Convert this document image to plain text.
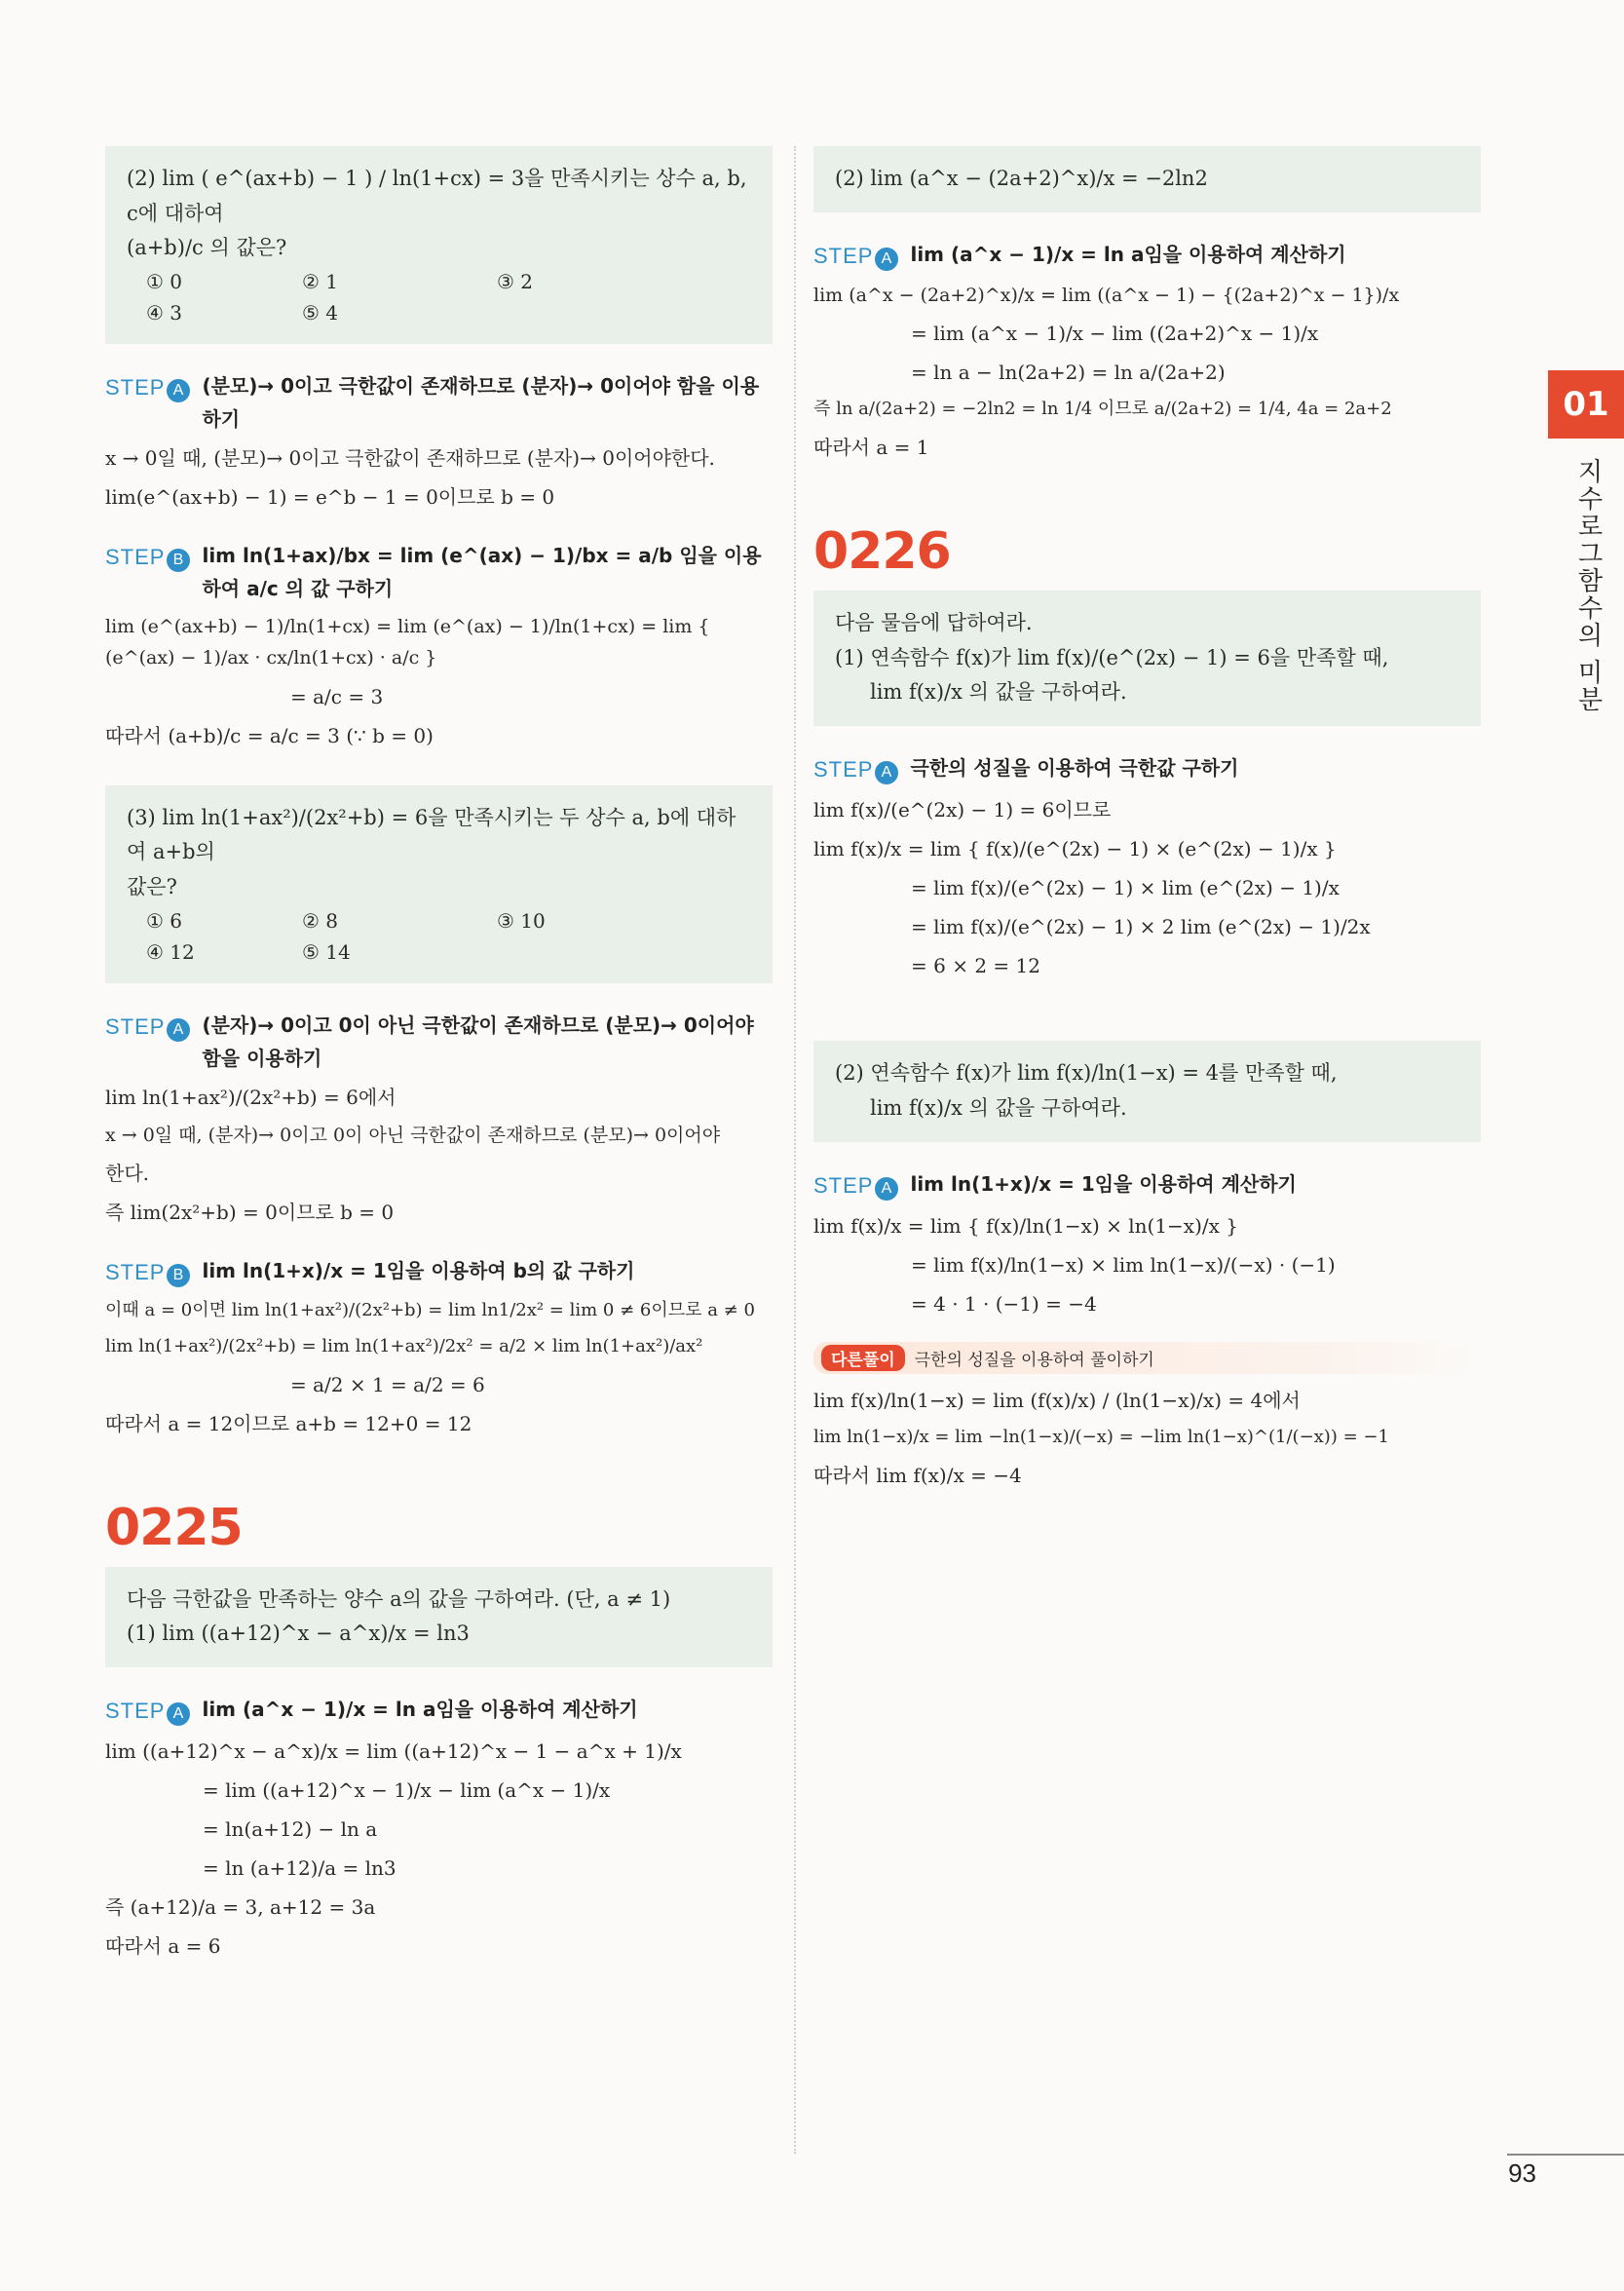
(2) lim ( e^(ax+b) − 1 ) / ln(1+cx) = 3을 만족시키는 상수 a, b, c에 대하여
(a+b)/c 의 값은?
① 0	② 1	③ 2
④ 3	⑤ 4
STEP A (분모)→ 0이고 극한값이 존재하므로 (분자)→ 0이어야 함을 이용하기
x → 0일 때, (분모)→ 0이고 극한값이 존재하므로 (분자)→ 0이어야한다.
lim(e^(ax+b) − 1) = e^b − 1 = 0이므로 b = 0
STEP B lim ln(1+ax)/bx = lim (e^(ax) − 1)/bx = a/b 임을 이용하여 a/c 의 값 구하기
lim (e^(ax+b) − 1)/ln(1+cx) = lim (e^(ax) − 1)/ln(1+cx) = lim { (e^(ax) − 1)/ax · cx/ln(1+cx) · a/c }
= a/c = 3
따라서 (a+b)/c = a/c = 3 (∵ b = 0)
(3) lim ln(1+ax²)/(2x²+b) = 6을 만족시키는 두 상수 a, b에 대하여 a+b의
값은?
① 6	② 8	③ 10
④ 12	⑤ 14
STEP A (분자)→ 0이고 0이 아닌 극한값이 존재하므로 (분모)→ 0이어야 함을 이용하기
lim ln(1+ax²)/(2x²+b) = 6에서
x → 0일 때, (분자)→ 0이고 0이 아닌 극한값이 존재하므로 (분모)→ 0이어야
한다.
즉 lim(2x²+b) = 0이므로 b = 0
STEP B lim ln(1+x)/x = 1임을 이용하여 b의 값 구하기
이때 a = 0이면 lim ln(1+ax²)/(2x²+b) = lim ln1/2x² = lim 0 ≠ 6이므로 a ≠ 0
lim ln(1+ax²)/(2x²+b) = lim ln(1+ax²)/2x² = a/2 × lim ln(1+ax²)/ax²
= a/2 × 1 = a/2 = 6
따라서 a = 12이므로 a+b = 12+0 = 12
0225
다음 극한값을 만족하는 양수 a의 값을 구하여라. (단, a ≠ 1)
(1) lim ((a+12)^x − a^x)/x = ln3
STEP A lim (a^x − 1)/x = ln a임을 이용하여 계산하기
lim ((a+12)^x − a^x)/x = lim ((a+12)^x − 1 − a^x + 1)/x
= lim ((a+12)^x − 1)/x − lim (a^x − 1)/x
= ln(a+12) − ln a
= ln (a+12)/a = ln3
즉 (a+12)/a = 3, a+12 = 3a
따라서 a = 6
(2) lim (a^x − (2a+2)^x)/x = −2ln2
STEP A lim (a^x − 1)/x = ln a임을 이용하여 계산하기
lim (a^x − (2a+2)^x)/x = lim ((a^x − 1) − {(2a+2)^x − 1})/x
= lim (a^x − 1)/x − lim ((2a+2)^x − 1)/x
= ln a − ln(2a+2) = ln a/(2a+2)
즉 ln a/(2a+2) = −2ln2 = ln 1/4 이므로 a/(2a+2) = 1/4, 4a = 2a+2
따라서 a = 1
0226
다음 물음에 답하여라.
(1) 연속함수 f(x)가 lim f(x)/(e^(2x) − 1) = 6을 만족할 때,
lim f(x)/x 의 값을 구하여라.
STEP A 극한의 성질을 이용하여 극한값 구하기
lim f(x)/(e^(2x) − 1) = 6이므로
lim f(x)/x = lim { f(x)/(e^(2x) − 1) × (e^(2x) − 1)/x }
= lim f(x)/(e^(2x) − 1) × lim (e^(2x) − 1)/x
= lim f(x)/(e^(2x) − 1) × 2 lim (e^(2x) − 1)/2x
= 6 × 2 = 12
(2) 연속함수 f(x)가 lim f(x)/ln(1−x) = 4를 만족할 때,
lim f(x)/x 의 값을 구하여라.
STEP A lim ln(1+x)/x = 1임을 이용하여 계산하기
lim f(x)/x = lim { f(x)/ln(1−x) × ln(1−x)/x }
= lim f(x)/ln(1−x) × lim ln(1−x)/(−x) · (−1)
= 4 · 1 · (−1) = −4
다른풀이	극한의 성질을 이용하여 풀이하기
lim f(x)/ln(1−x) = lim (f(x)/x) / (ln(1−x)/x) = 4에서
lim ln(1−x)/x = lim −ln(1−x)/(−x) = −lim ln(1−x)^(1/(−x)) = −1
따라서 lim f(x)/x = −4
01
지수로그함수의 미분
93
